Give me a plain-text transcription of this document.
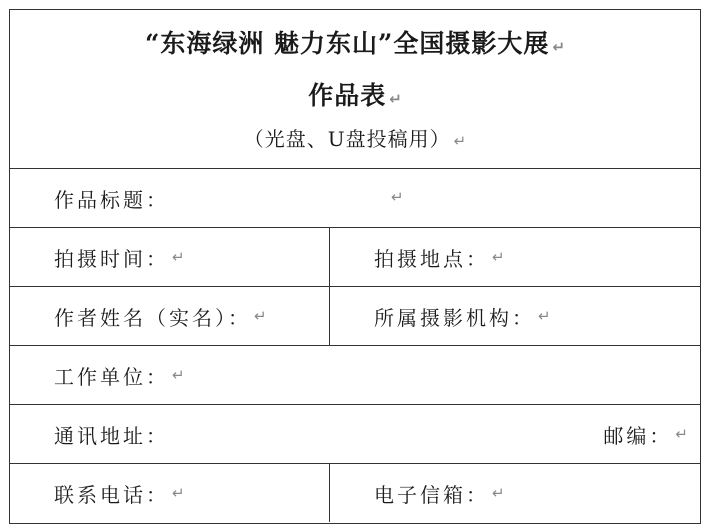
“东海绿洲 魅力东山”全国摄影大展 ↵
作品表 ↵
（光盘、U盘投稿用） ↵
作品标题：	↵
拍摄时间： ↵	拍摄地点： ↵
作者姓名（实名）： ↵	所属摄影机构： ↵
工作单位： ↵
通讯地址：	邮编： ↵
联系电话： ↵	电子信箱： ↵
